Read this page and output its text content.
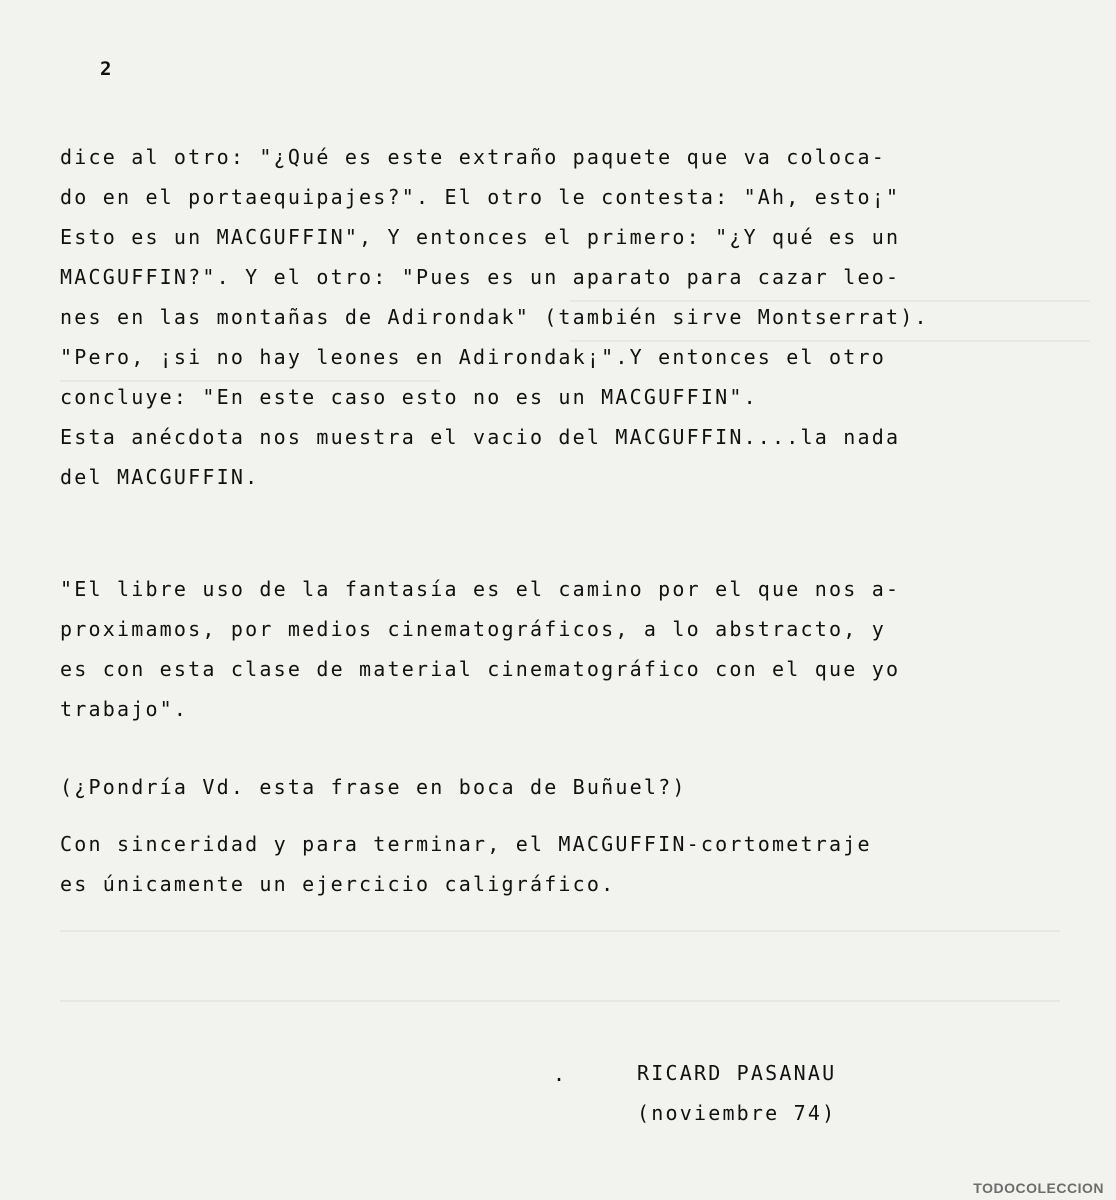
2
dice al otro: "¿Qué es este extraño paquete que va coloca-
do en el portaequipajes?". El otro le contesta: "Ah, esto¡"
Esto es un MACGUFFIN", Y entonces el primero: "¿Y qué es un
MACGUFFIN?". Y el otro: "Pues es un aparato para cazar leo-
nes en las montañas de Adirondak" (también sirve Montserrat).
"Pero, ¡si no hay leones en Adirondak¡".Y entonces el otro
concluye: "En este caso esto no es un MACGUFFIN".
Esta anécdota nos muestra el vacio del MACGUFFIN....la nada
del MACGUFFIN.
"El libre uso de la fantasía es el camino por el que nos a-
proximamos, por medios cinematográficos, a lo abstracto, y
es con esta clase de material cinematográfico con el que yo
trabajo".
(¿Pondría Vd. esta frase en boca de Buñuel?)
Con sinceridad y para terminar, el MACGUFFIN-cortometraje
es únicamente un ejercicio caligráfico.
.	RICARD PASANAU
(noviembre 74)
TODOCOLECCION
